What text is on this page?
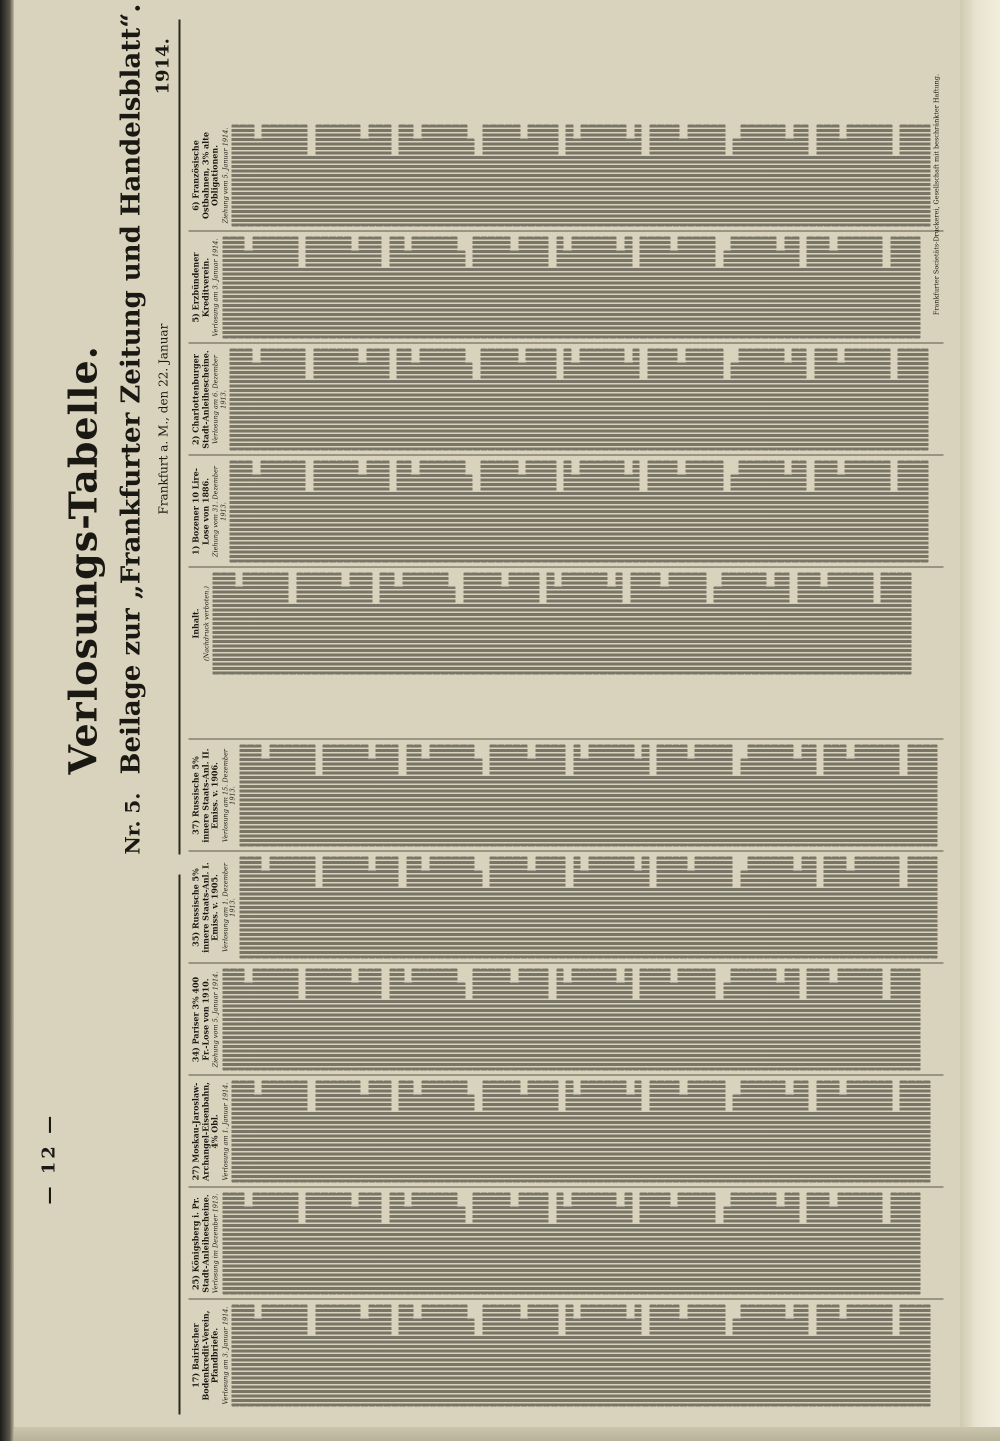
— 12 —
Nr. 5.
Verlosungs-Tabelle. Beilage zur „Frankfurter Zeitung und Handelsblatt“. Frankfurt a. M., den 22. Januar
1914.
17) Bairischer Bodenkredit-Verein, Pfandbriefe. Verlosung am 3. Januar 1914.
25) Königsberg i. Pr. Stadt-Anleihescheine. Verlosung im Dezember 1913.
27) Moskau-Jaroslaw-Archangel-Eisenbahn, 4% Obl. Verlosung am 1. Januar 1914.
34) Pariser 3% 400 Fr.-Lose von 1910. Ziehung vom 5. Januar 1914.
35) Russische 5% innere Staats-Anl. I. Emiss. v. 1905. Verlosung am 1. Dezember 1913.
37) Russische 5% innere Staats-Anl. II. Emiss. v. 1906. Verlosung am 15. Dezember 1913.
Inhalt. (Nachdruck verboten.)
1) Bozener 10 Lire-Lose von 1886. Ziehung vom 31. Dezember 1913.
2) Charlottenburger Stadt-Anleihescheine. Verlosung am 6. Dezember 1913.
5) Erzbündener Kreditverein. Verlosung am 3. Januar 1914.
6) Französische Ostbahnen, 3% alte Obligationen. Ziehung vom 5. Januar 1914.	Frankfurter Societäts-Druckerei, Gesellschaft mit beschränkter Haftung.
